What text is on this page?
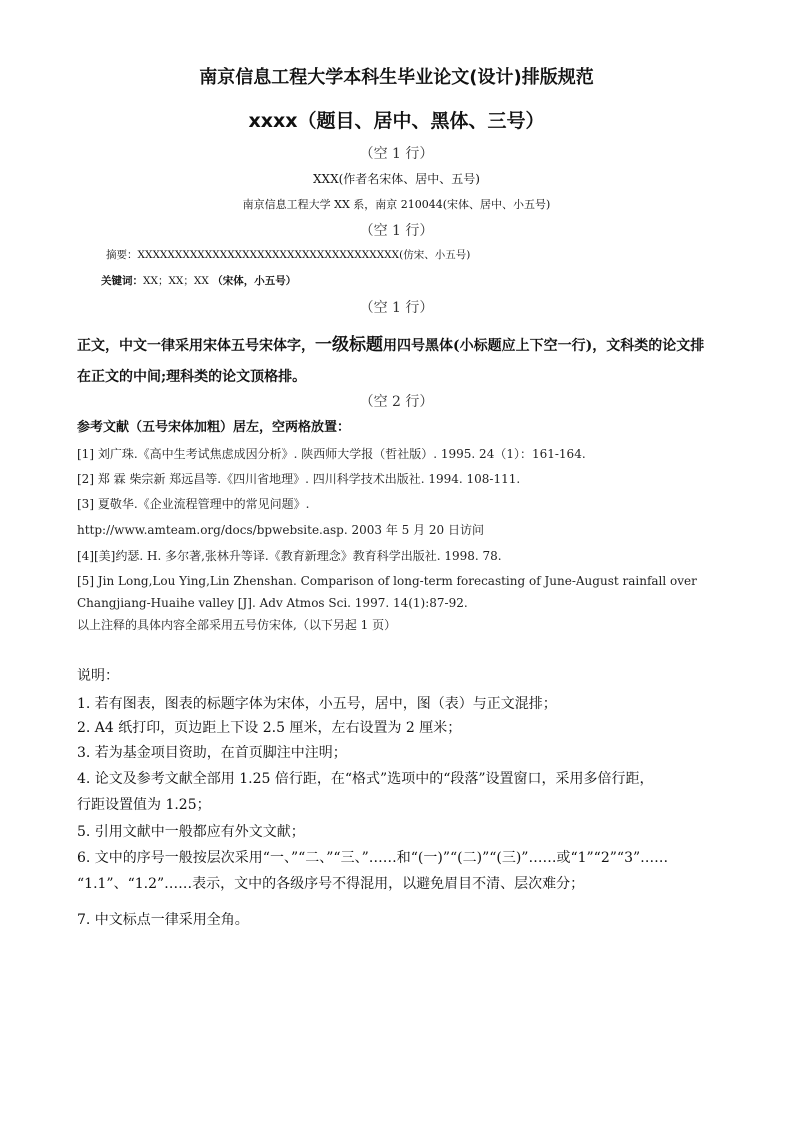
南京信息工程大学本科生毕业论文(设计)排版规范
xxxx（题目、居中、黑体、三号）
（空 1 行）
XXX(作者名宋体、居中、五号)
南京信息工程大学 XX 系，南京 210044(宋体、居中、小五号)
（空 1 行）
摘要：XXXXXXXXXXXXXXXXXXXXXXXXXXXXXXXXXXX(仿宋、小五号)
关键词：XX；XX；XX （宋体，小五号）
（空 1 行）
正文，中文一律采用宋体五号宋体字，一级标题用四号黑体(小标题应上下空一行)，文科类的论文排在正文的中间;理科类的论文顶格排。
（空 2 行）
参考文献（五号宋体加粗）居左，空两格放置：
[1] 刘广珠.《高中生考试焦虑成因分析》. 陕西师大学报（哲社版）. 1995. 24（1）：161-164.
[2] 郑 霖 柴宗新 郑远昌等.《四川省地理》. 四川科学技术出版社. 1994. 108-111.
[3] 夏敬华.《企业流程管理中的常见问题》.
http://www.amteam.org/docs/bpwebsite.asp. 2003 年 5 月 20 日访问
[4][美]约瑟. H. 多尔著,张林升等译.《教育新理念》教育科学出版社. 1998. 78.
[5] Jin Long,Lou Ying,Lin Zhenshan. Comparison of long-term forecasting of June-August rainfall over
Changjiang-Huaihe valley [J]. Adv Atmos Sci. 1997. 14(1):87-92.
以上注释的具体内容全部采用五号仿宋体,（以下另起 1 页）
说明：
1. 若有图表，图表的标题字体为宋体，小五号，居中，图（表）与正文混排；
2. A4 纸打印，页边距上下设 2.5 厘米，左右设置为 2 厘米；
3. 若为基金项目资助，在首页脚注中注明；
4. 论文及参考文献全部用 1.25 倍行距，在“格式”选项中的“段落”设置窗口，采用多倍行距，
行距设置值为 1.25；
5. 引用文献中一般都应有外文文献；
6. 文中的序号一般按层次采用“一、”“二、”“三、”……和“(一)”“(二)”“(三)”……或“1”“2”“3”……
“1.1”、“1.2”……表示，文中的各级序号不得混用，以避免眉目不清、层次难分；
7. 中文标点一律采用全角。
